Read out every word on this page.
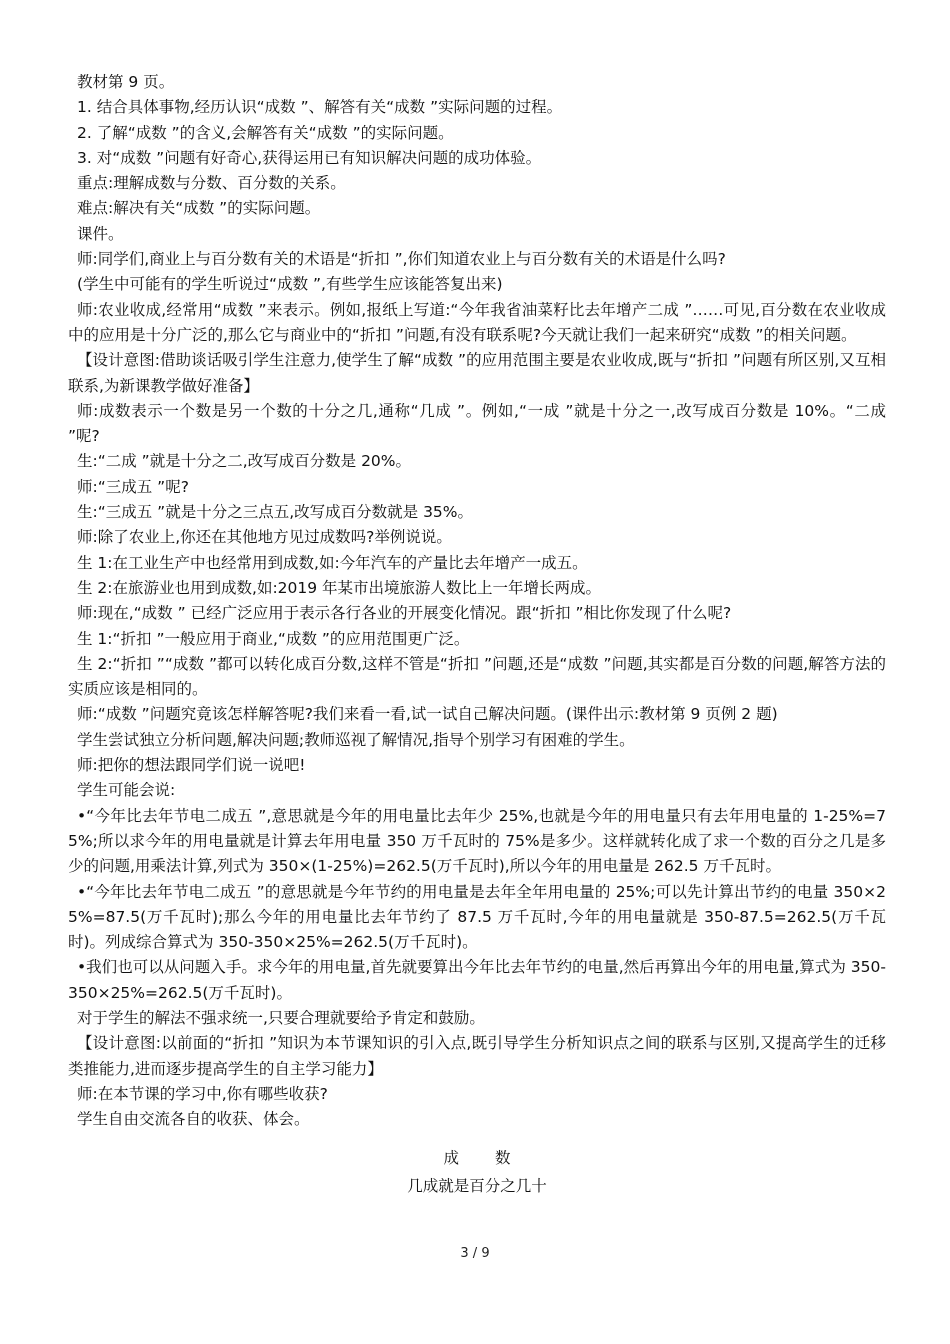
教材第 9 页。

1. 结合具体事物,经历认识“成数 ”、解答有关“成数 ”实际问题的过程。

2. 了解“成数 ”的含义,会解答有关“成数 ”的实际问题。

3. 对“成数 ”问题有好奇心,获得运用已有知识解决问题的成功体验。

重点:理解成数与分数、百分数的关系。

难点:解决有关“成数 ”的实际问题。

课件。

师:同学们,商业上与百分数有关的术语是“折扣 ”,你们知道农业上与百分数有关的术语是什么吗?

(学生中可能有的学生听说过“成数 ”,有些学生应该能答复出来)

师:农业收成,经常用“成数 ”来表示。例如,报纸上写道:“今年我省油菜籽比去年增产二成 ”……可见,百分数在农业收成中的应用是十分广泛的,那么它与商业中的“折扣 ”问题,有没有联系呢?今天就让我们一起来研究“成数 ”的相关问题。

【设计意图:借助谈话吸引学生注意力,使学生了解“成数 ”的应用范围主要是农业收成,既与“折扣 ”问题有所区别,又互相联系,为新课教学做好准备】

师:成数表示一个数是另一个数的十分之几,通称“几成 ”。例如,“一成 ”就是十分之一,改写成百分数是 10%。“二成 ”呢?

生:“二成 ”就是十分之二,改写成百分数是 20%。

师:“三成五 ”呢?

生:“三成五 ”就是十分之三点五,改写成百分数就是 35%。

师:除了农业上,你还在其他地方见过成数吗?举例说说。

生 1:在工业生产中也经常用到成数,如:今年汽车的产量比去年增产一成五。

生 2:在旅游业也用到成数,如:2019 年某市出境旅游人数比上一年增长两成。

师:现在,“成数 ” 已经广泛应用于表示各行各业的开展变化情况。跟“折扣 ”相比你发现了什么呢?

生 1:“折扣 ”一般应用于商业,“成数 ”的应用范围更广泛。

生 2:“折扣 ”“成数 ”都可以转化成百分数,这样不管是“折扣 ”问题,还是“成数 ”问题,其实都是百分数的问题,解答方法的实质应该是相同的。

师:“成数 ”问题究竟该怎样解答呢?我们来看一看,试一试自己解决问题。(课件出示:教材第 9 页例 2 题)

学生尝试独立分析问题,解决问题;教师巡视了解情况,指导个别学习有困难的学生。

师:把你的想法跟同学们说一说吧!

学生可能会说:

•“今年比去年节电二成五 ”,意思就是今年的用电量比去年少 25%,也就是今年的用电量只有去年用电量的 1-25%=75%;所以求今年的用电量就是计算去年用电量 350 万千瓦时的 75%是多少。这样就转化成了求一个数的百分之几是多少的问题,用乘法计算,列式为 350×(1-25%)=262.5(万千瓦时),所以今年的用电量是 262.5 万千瓦时。

•“今年比去年节电二成五 ”的意思就是今年节约的用电量是去年全年用电量的 25%;可以先计算出节约的电量 350×25%=87.5(万千瓦时);那么今年的用电量比去年节约了 87.5 万千瓦时,今年的用电量就是 350-87.5=262.5(万千瓦时)。列成综合算式为 350-350×25%=262.5(万千瓦时)。

•我们也可以从问题入手。求今年的用电量,首先就要算出今年比去年节约的电量,然后再算出今年的用电量,算式为 350-350×25%=262.5(万千瓦时)。

对于学生的解法不强求统一,只要合理就要给予肯定和鼓励。

【设计意图:以前面的“折扣 ”知识为本节课知识的引入点,既引导学生分析知识点之间的联系与区别,又提高学生的迁移类推能力,进而逐步提高学生的自主学习能力】

师:在本节课的学习中,你有哪些收获?

学生自由交流各自的收获、体会。

成 数

几成就是百分之几十

3 / 9
